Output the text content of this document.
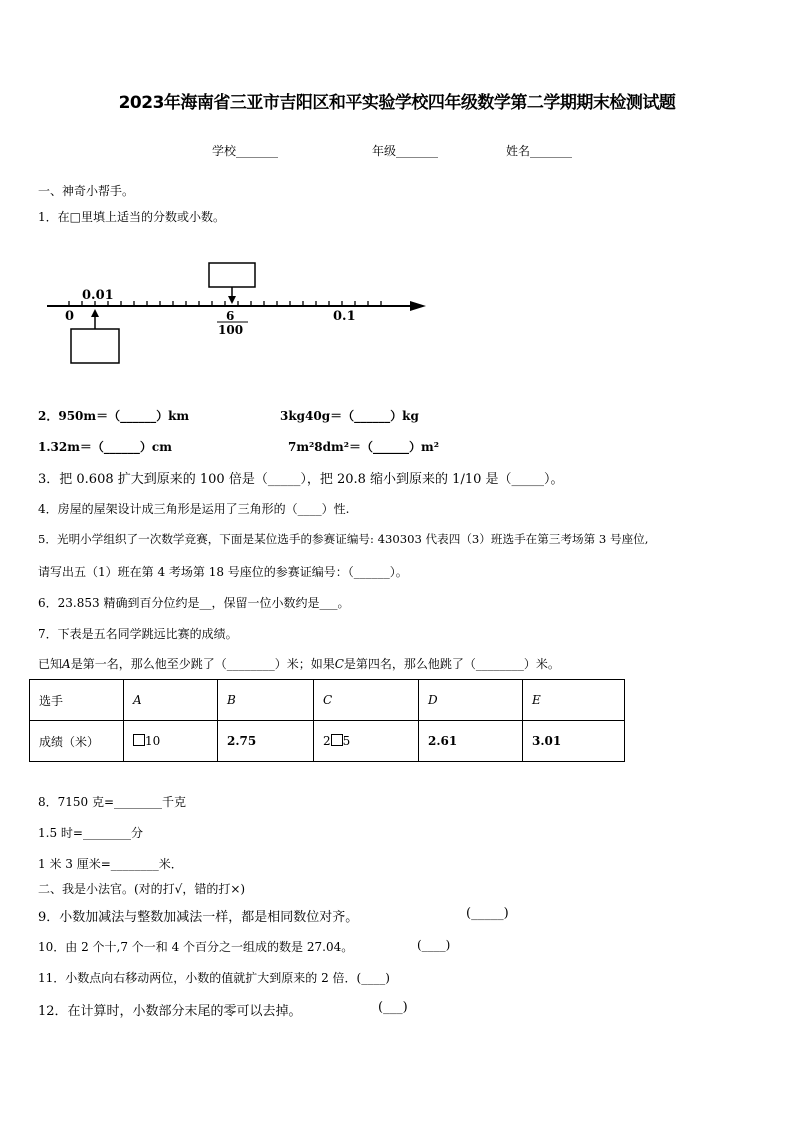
2023年海南省三亚市吉阳区和平实验学校四年级数学第二学期期末检测试题
学校_______	年级_______	姓名_______
一、神奇小帮手。
1．在□里填上适当的分数或小数。
0.01
0	6
100
0.1
2．950m＝（______）km	3kg40g＝（______）kg
1.32m＝（______）cm	7m²8dm²＝（______）m²
3．把 0.608 扩大到原来的 100 倍是（_____），把 20.8 缩小到原来的 1/10 是（_____）。
4．房屋的屋架设计成三角形是运用了三角形的（____）性.
5．光明小学组织了一次数学竞赛，下面是某位选手的参赛证编号: 430303 代表四（3）班选手在第三考场第 3 号座位,
请写出五（1）班在第 4 考场第 18 号座位的参赛证编号：（______）。
6．23.853 精确到百分位约是__，保留一位小数约是___。
7．下表是五名同学跳远比赛的成绩。
已知A是第一名，那么他至少跳了（________）米；如果C是第四名，那么他跳了（________）米。
选手	A	B	C	D	E
成绩（米）	10	2.75	2 5	2.61	3.01
8．7150 克=________千克
1.5 时=________分
1 米 3 厘米=________米．
二、我是小法官。(对的打√，错的打×)
9．小数加减法与整数加减法一样，都是相同数位对齐。	(_____)
10．由 2 个十,7 个一和 4 个百分之一组成的数是 27.04。	(____)
11．小数点向右移动两位，小数的值就扩大到原来的 2 倍．(____)
12．在计算时，小数部分末尾的零可以去掉。	(___)
